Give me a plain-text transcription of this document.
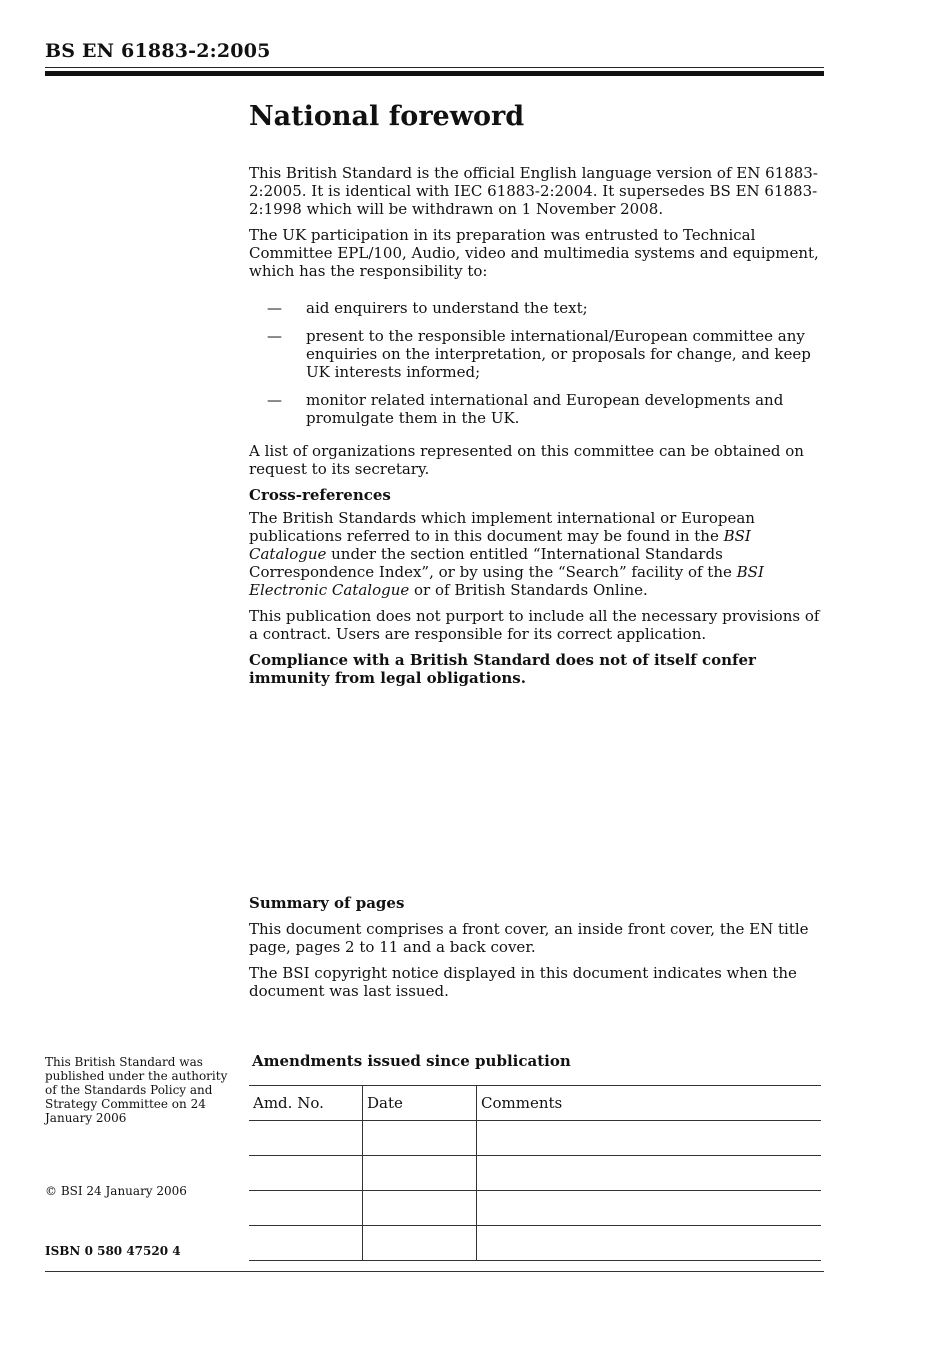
BS EN 61883-2:2005
National foreword

This British Standard is the official English language version of EN 61883-2:2005. It is identical with IEC 61883-2:2004. It supersedes BS EN 61883-2:1998 which will be withdrawn on 1 November 2008.

The UK participation in its preparation was entrusted to Technical Committee EPL/100, Audio, video and multimedia systems and equipment, which has the responsibility to:

— aid enquirers to understand the text;
— present to the responsible international/European committee any enquiries on the interpretation, or proposals for change, and keep UK interests informed;
— monitor related international and European developments and promulgate them in the UK.

A list of organizations represented on this committee can be obtained on request to its secretary.

Cross-references

The British Standards which implement international or European publications referred to in this document may be found in the BSI Catalogue under the section entitled “International Standards Correspondence Index”, or by using the “Search” facility of the BSI Electronic Catalogue or of British Standards Online.

This publication does not purport to include all the necessary provisions of a contract. Users are responsible for its correct application.

Compliance with a British Standard does not of itself confer immunity from legal obligations.

Summary of pages

This document comprises a front cover, an inside front cover, the EN title page, pages 2 to 11 and a back cover.

The BSI copyright notice displayed in this document indicates when the document was last issued.

This British Standard was published under the authority of the Standards Policy and Strategy Committee on 24 January 2006
© BSI 24 January 2006
ISBN 0 580 47520 4
Amendments issued since publication
Amd. No.	Date	Comments
